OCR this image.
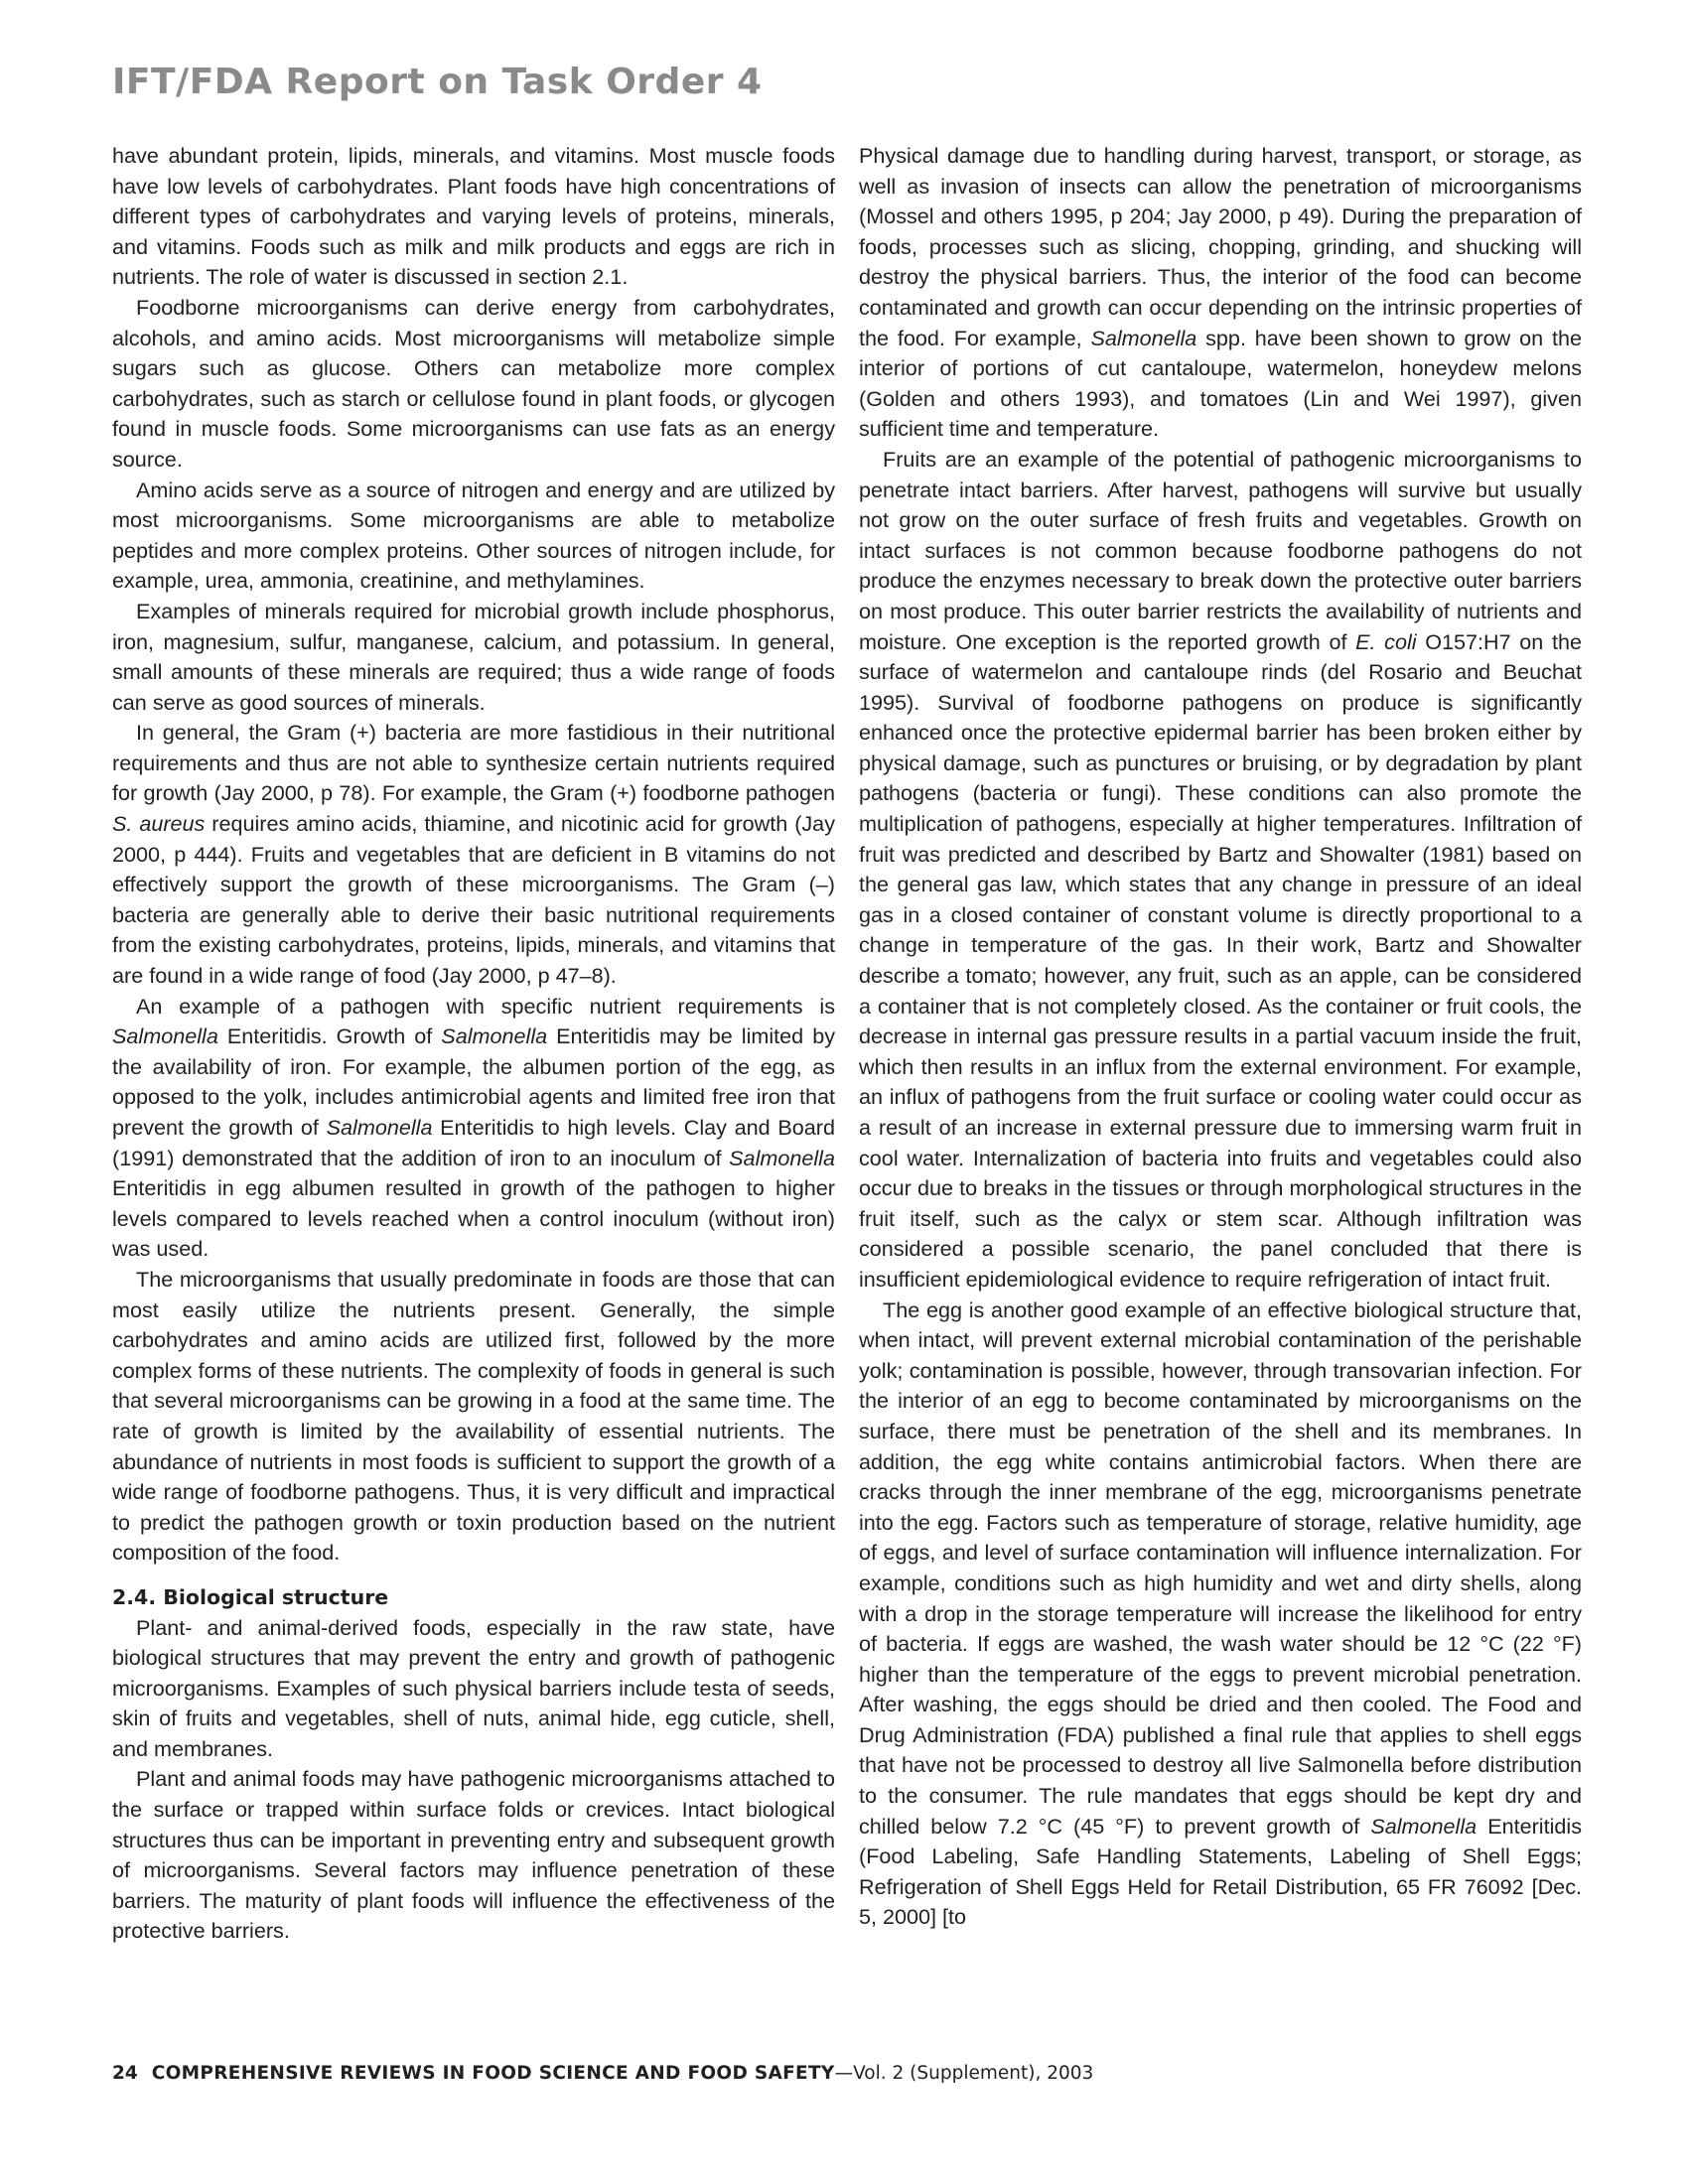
IFT/FDA Report on Task Order 4

have abundant protein, lipids, minerals, and vitamins. Most muscle foods have low levels of carbohydrates. Plant foods have high concentrations of different types of carbohydrates and varying levels of proteins, minerals, and vitamins. Foods such as milk and milk products and eggs are rich in nutrients. The role of water is discussed in section 2.1.

Foodborne microorganisms can derive energy from carbohydrates, alcohols, and amino acids. Most microorganisms will metabolize simple sugars such as glucose. Others can metabolize more complex carbohydrates, such as starch or cellulose found in plant foods, or glycogen found in muscle foods. Some microorganisms can use fats as an energy source.

Amino acids serve as a source of nitrogen and energy and are utilized by most microorganisms. Some microorganisms are able to metabolize peptides and more complex proteins. Other sources of nitrogen include, for example, urea, ammonia, creatinine, and methylamines.

Examples of minerals required for microbial growth include phosphorus, iron, magnesium, sulfur, manganese, calcium, and potassium. In general, small amounts of these minerals are required; thus a wide range of foods can serve as good sources of minerals.

In general, the Gram (+) bacteria are more fastidious in their nutritional requirements and thus are not able to synthesize certain nutrients required for growth (Jay 2000, p 78). For example, the Gram (+) foodborne pathogen S. aureus requires amino acids, thiamine, and nicotinic acid for growth (Jay 2000, p 444). Fruits and vegetables that are deficient in B vitamins do not effectively support the growth of these microorganisms. The Gram (–) bacteria are generally able to derive their basic nutritional requirements from the existing carbohydrates, proteins, lipids, minerals, and vitamins that are found in a wide range of food (Jay 2000, p 47–8).

An example of a pathogen with specific nutrient requirements is Salmonella Enteritidis. Growth of Salmonella Enteritidis may be limited by the availability of iron. For example, the albumen portion of the egg, as opposed to the yolk, includes antimicrobial agents and limited free iron that prevent the growth of Salmonella Enteritidis to high levels. Clay and Board (1991) demonstrated that the addition of iron to an inoculum of Salmonella Enteritidis in egg albumen resulted in growth of the pathogen to higher levels compared to levels reached when a control inoculum (without iron) was used.

The microorganisms that usually predominate in foods are those that can most easily utilize the nutrients present. Generally, the simple carbohydrates and amino acids are utilized first, followed by the more complex forms of these nutrients. The complexity of foods in general is such that several microorganisms can be growing in a food at the same time. The rate of growth is limited by the availability of essential nutrients. The abundance of nutrients in most foods is sufficient to support the growth of a wide range of foodborne pathogens. Thus, it is very difficult and impractical to predict the pathogen growth or toxin production based on the nutrient composition of the food.

2.4. Biological structure

Plant- and animal-derived foods, especially in the raw state, have biological structures that may prevent the entry and growth of pathogenic microorganisms. Examples of such physical barriers include testa of seeds, skin of fruits and vegetables, shell of nuts, animal hide, egg cuticle, shell, and membranes.

Plant and animal foods may have pathogenic microorganisms attached to the surface or trapped within surface folds or crevices. Intact biological structures thus can be important in preventing entry and subsequent growth of microorganisms. Several factors may influence penetration of these barriers. The maturity of plant foods will influence the effectiveness of the protective barriers.

Physical damage due to handling during harvest, transport, or storage, as well as invasion of insects can allow the penetration of microorganisms (Mossel and others 1995, p 204; Jay 2000, p 49). During the preparation of foods, processes such as slicing, chopping, grinding, and shucking will destroy the physical barriers. Thus, the interior of the food can become contaminated and growth can occur depending on the intrinsic properties of the food. For example, Salmonella spp. have been shown to grow on the interior of portions of cut cantaloupe, watermelon, honeydew melons (Golden and others 1993), and tomatoes (Lin and Wei 1997), given sufficient time and temperature.

Fruits are an example of the potential of pathogenic microorganisms to penetrate intact barriers. After harvest, pathogens will survive but usually not grow on the outer surface of fresh fruits and vegetables. Growth on intact surfaces is not common because foodborne pathogens do not produce the enzymes necessary to break down the protective outer barriers on most produce. This outer barrier restricts the availability of nutrients and moisture. One exception is the reported growth of E. coli O157:H7 on the surface of watermelon and cantaloupe rinds (del Rosario and Beuchat 1995). Survival of foodborne pathogens on produce is significantly enhanced once the protective epidermal barrier has been broken either by physical damage, such as punctures or bruising, or by degradation by plant pathogens (bacteria or fungi). These conditions can also promote the multiplication of pathogens, especially at higher temperatures. Infiltration of fruit was predicted and described by Bartz and Showalter (1981) based on the general gas law, which states that any change in pressure of an ideal gas in a closed container of constant volume is directly proportional to a change in temperature of the gas. In their work, Bartz and Showalter describe a tomato; however, any fruit, such as an apple, can be considered a container that is not completely closed. As the container or fruit cools, the decrease in internal gas pressure results in a partial vacuum inside the fruit, which then results in an influx from the external environment. For example, an influx of pathogens from the fruit surface or cooling water could occur as a result of an increase in external pressure due to immersing warm fruit in cool water. Internalization of bacteria into fruits and vegetables could also occur due to breaks in the tissues or through morphological structures in the fruit itself, such as the calyx or stem scar. Although infiltration was considered a possible scenario, the panel concluded that there is insufficient epidemiological evidence to require refrigeration of intact fruit.

The egg is another good example of an effective biological structure that, when intact, will prevent external microbial contamination of the perishable yolk; contamination is possible, however, through transovarian infection. For the interior of an egg to become contaminated by microorganisms on the surface, there must be penetration of the shell and its membranes. In addition, the egg white contains antimicrobial factors. When there are cracks through the inner membrane of the egg, microorganisms penetrate into the egg. Factors such as temperature of storage, relative humidity, age of eggs, and level of surface contamination will influence internalization. For example, conditions such as high humidity and wet and dirty shells, along with a drop in the storage temperature will increase the likelihood for entry of bacteria. If eggs are washed, the wash water should be 12 °C (22 °F) higher than the temperature of the eggs to prevent microbial penetration. After washing, the eggs should be dried and then cooled. The Food and Drug Administration (FDA) published a final rule that applies to shell eggs that have not be processed to destroy all live Salmonella before distribution to the consumer. The rule mandates that eggs should be kept dry and chilled below 7.2 °C (45 °F) to prevent growth of Salmonella Enteritidis (Food Labeling, Safe Handling Statements, Labeling of Shell Eggs; Refrigeration of Shell Eggs Held for Retail Distribution, 65 FR 76092 [Dec. 5, 2000] [to

24 COMPREHENSIVE REVIEWS IN FOOD SCIENCE AND FOOD SAFETY—Vol. 2 (Supplement), 2003
